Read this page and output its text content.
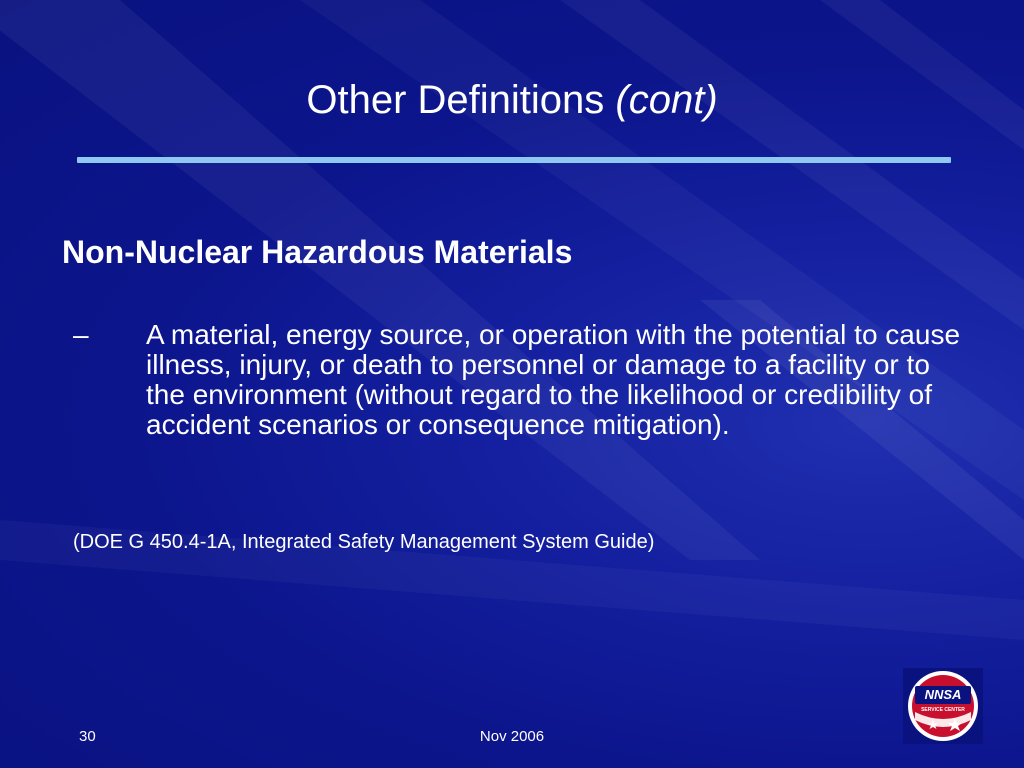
Other Definitions (cont)
Non-Nuclear Hazardous Materials
– A material, energy source, or operation with the potential to cause illness, injury, or death to personnel or damage to a facility or to the environment (without regard to the likelihood or credibility of accident scenarios or consequence mitigation).
(DOE G 450.4-1A, Integrated Safety Management System Guide)
30	Nov 2006
NNSA
SERVICE CENTER
